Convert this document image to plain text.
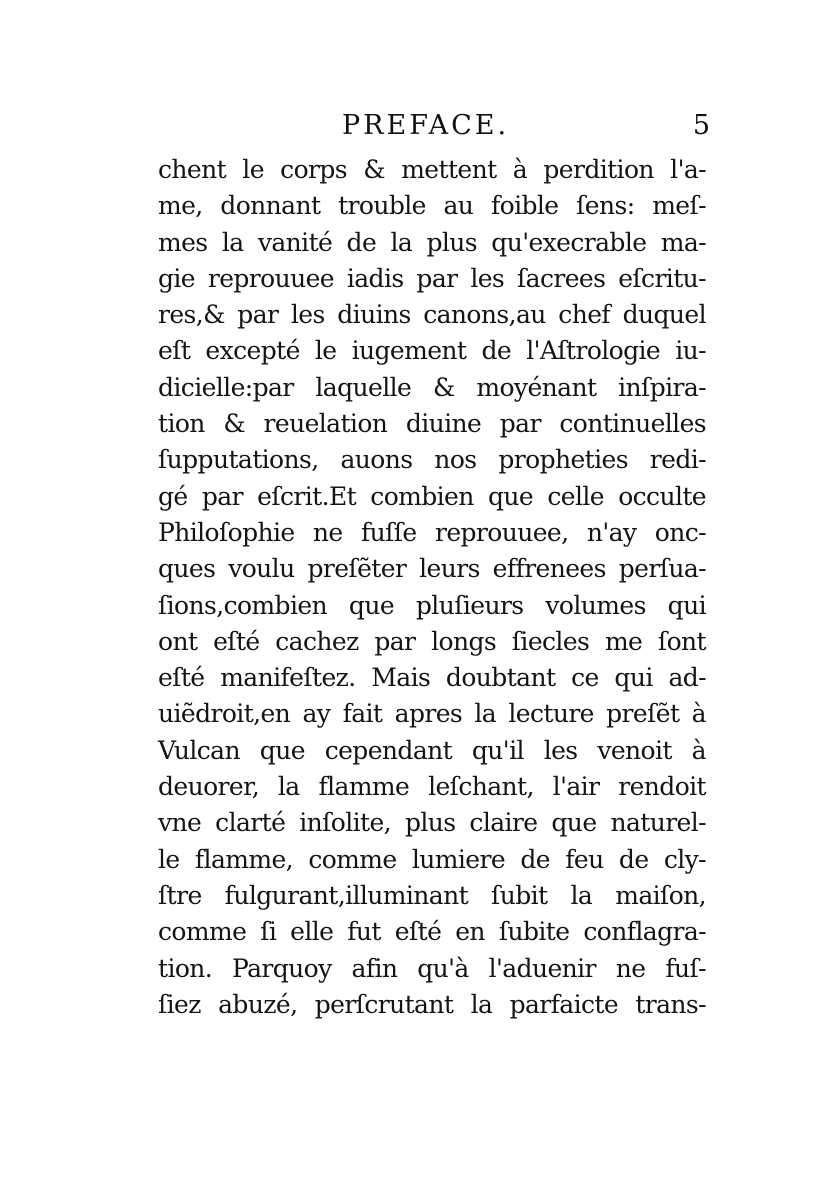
PREFACE.	5
chent le corps & mettent à perdition l'a-
me, donnant trouble au foible ſens: meſ-
mes la vanité de la plus qu'execrable ma-
gie reprouuee iadis par les ſacrees eſcritu-
res,& par les diuins canons,au chef duquel
eſt excepté le iugement de l'Aſtrologie iu-
dicielle:par laquelle & moyénant inſpira-
tion & reuelation diuine par continuelles
ſupputations, auons nos propheties redi-
gé par eſcrit.Et combien que celle occulte
Philoſophie ne fuſſe reprouuee, n'ay onc-
ques voulu preſẽter leurs effrenees perſua-
ſions,combien que pluſieurs volumes qui
ont eſté cachez par longs ſiecles me ſont
eſté manifeſtez. Mais doubtant ce qui ad-
uiẽdroit,en ay fait apres la lecture preſẽt à
Vulcan que cependant qu'il les venoit à
deuorer, la flamme leſchant, l'air rendoit
vne clarté inſolite, plus claire que naturel-
le flamme, comme lumiere de feu de cly-
ſtre fulgurant,illuminant ſubit la maiſon,
comme ſi elle fut eſté en ſubite conflagra-
tion. Parquoy afin qu'à l'aduenir ne fuſ-
ſiez abuzé, perſcrutant la parfaicte trans-
